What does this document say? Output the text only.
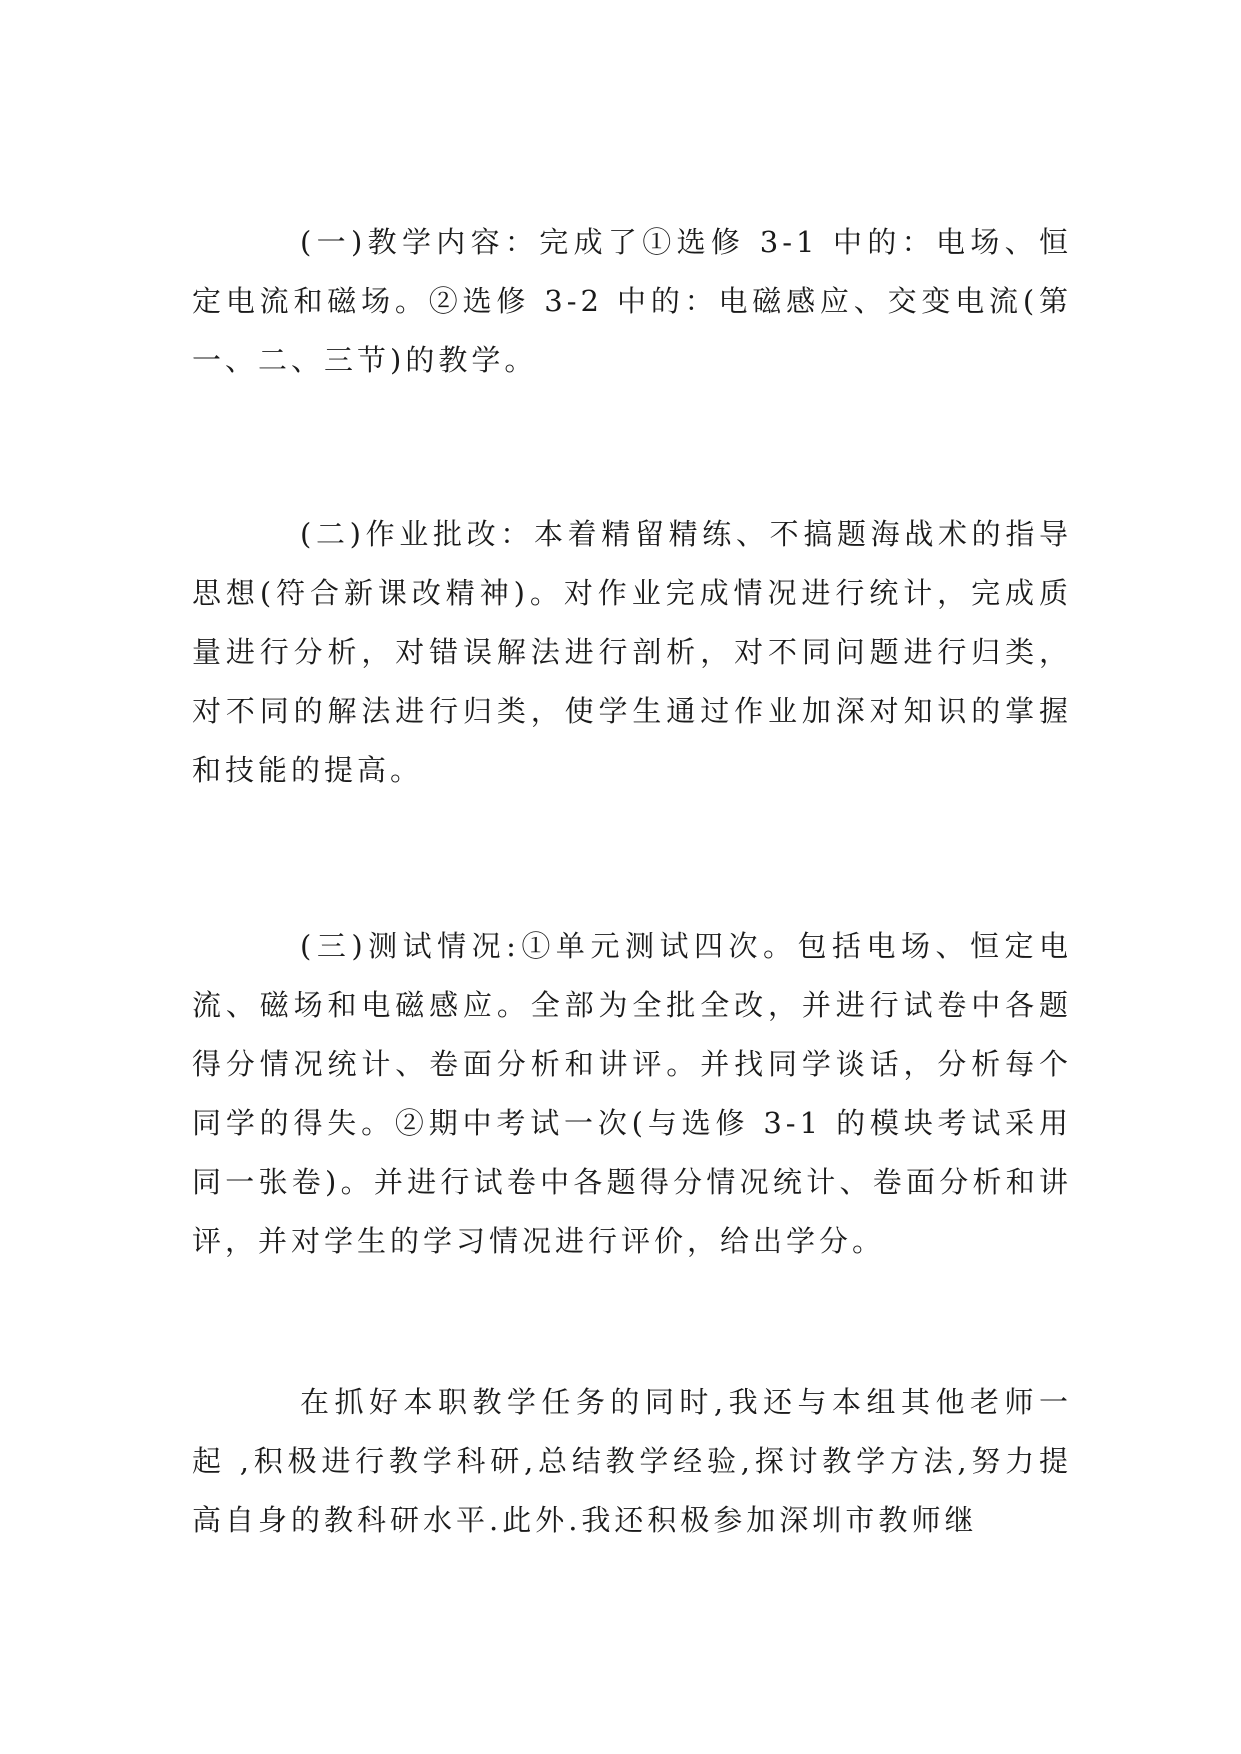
(一)教学内容：完成了①选修 3-1 中的：电场、恒定电流和磁场。②选修 3-2 中的：电磁感应、交变电流(第一、二、三节)的教学。

(二)作业批改：本着精留精练、不搞题海战术的指导思想(符合新课改精神)。对作业完成情况进行统计，完成质量进行分析，对错误解法进行剖析，对不同问题进行归类，对不同的解法进行归类，使学生通过作业加深对知识的掌握和技能的提高。

(三)测试情况:①单元测试四次。包括电场、恒定电流、磁场和电磁感应。全部为全批全改，并进行试卷中各题得分情况统计、卷面分析和讲评。并找同学谈话，分析每个同学的得失。②期中考试一次(与选修 3-1 的模块考试采用同一张卷)。并进行试卷中各题得分情况统计、卷面分析和讲评，并对学生的学习情况进行评价，给出学分。

在抓好本职教学任务的同时,我还与本组其他老师一起 ,积极进行教学科研,总结教学经验,探讨教学方法,努力提高自身的教科研水平.此外.我还积极参加深圳市教师继
